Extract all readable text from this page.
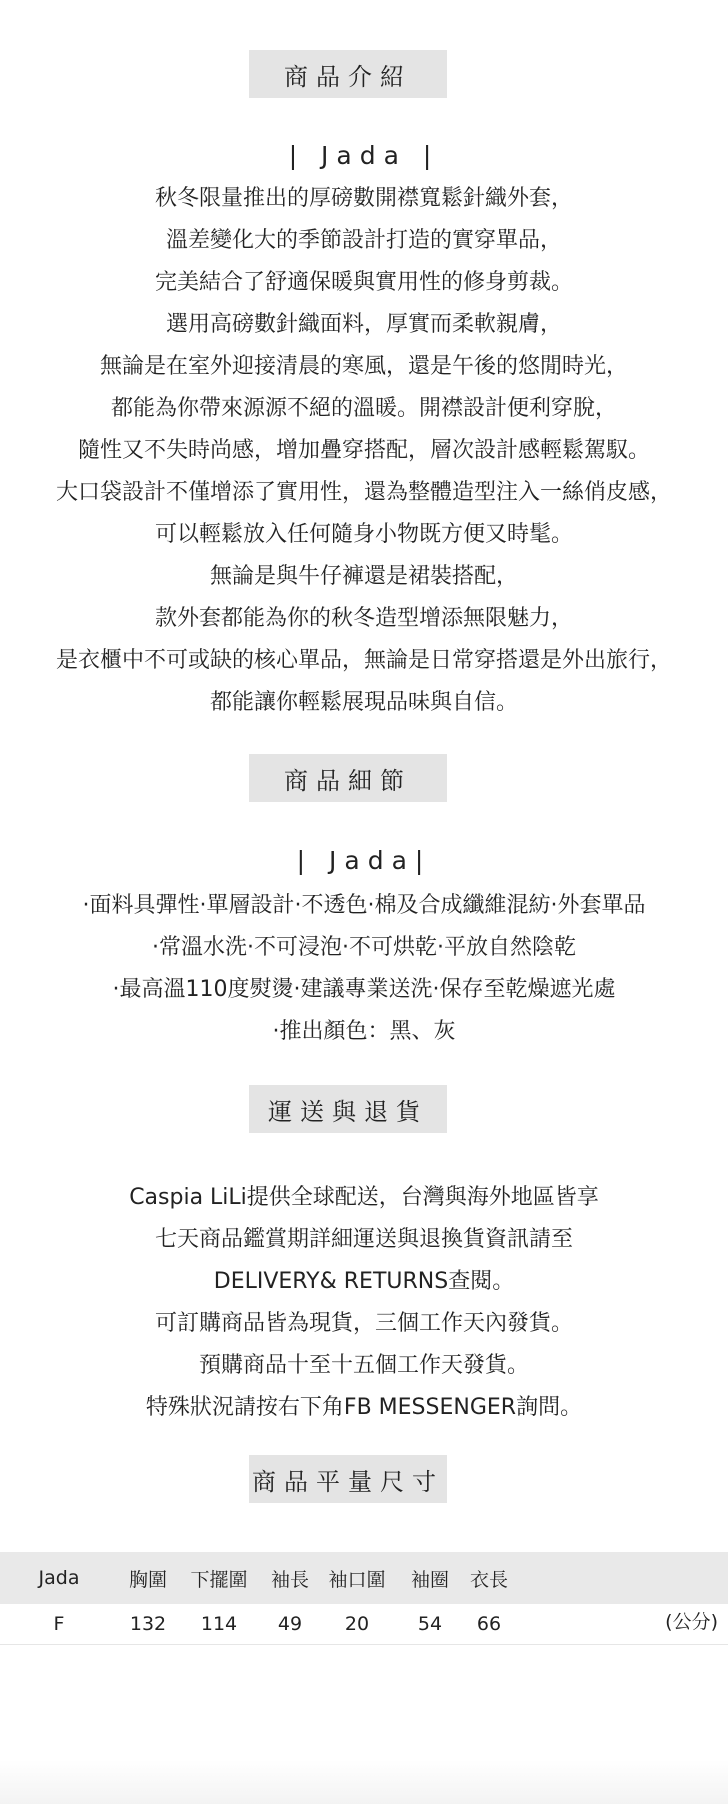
商品介紹
| Jada |
秋冬限量推出的厚磅數開襟寬鬆針織外套，
溫差變化大的季節設計打造的實穿單品，
完美結合了舒適保暖與實用性的修身剪裁。
選用高磅數針織面料，厚實而柔軟親膚，
無論是在室外迎接清晨的寒風，還是午後的悠閒時光，
都能為你帶來源源不絕的溫暖。開襟設計便利穿脫，
隨性又不失時尚感，增加疊穿搭配，層次設計感輕鬆駕馭。
大口袋設計不僅增添了實用性，還為整體造型注入一絲俏皮感，
可以輕鬆放入任何隨身小物既方便又時髦。
無論是與牛仔褲還是裙裝搭配，
款外套都能為你的秋冬造型增添無限魅力，
是衣櫃中不可或缺的核心單品，無論是日常穿搭還是外出旅行，
都能讓你輕鬆展現品味與自信。
商品細節
| Jada|
·面料具彈性·單層設計·不透色·棉及合成纖維混紡·外套單品
·常溫水洗·不可浸泡·不可烘乾·平放自然陰乾
·最高溫110度熨燙·建議專業送洗·保存至乾燥遮光處
·推出顏色：黑、灰
運送與退貨
Caspia LiLi提供全球配送，台灣與海外地區皆享
七天商品鑑賞期詳細運送與退換貨資訊請至
DELIVERY& RETURNS查閱。
可訂購商品皆為現貨，三個工作天內發貨。
預購商品十至十五個工作天發貨。
特殊狀況請按右下角FB MESSENGER詢問。
商品平量尺寸
Jada	胸圍	下擺圍	袖長	袖口圍	袖圈	衣長
F	132	114	49	20	54	66	(公分)
